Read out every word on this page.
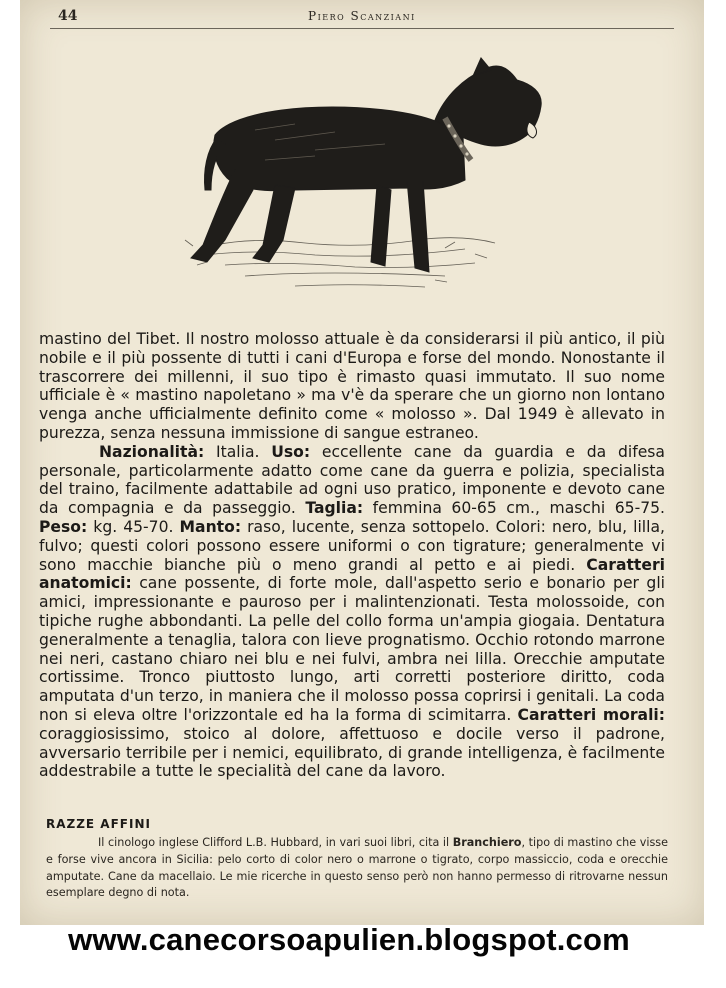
44	Piero Scanziani

mastino del Tibet. Il nostro molosso attuale è da considerarsi il più antico, il più nobile e il più possente di tutti i cani d'Europa e forse del mondo. Nonostante il trascorrere dei millenni, il suo tipo è rimasto quasi immutato. Il suo nome ufficiale è « mastino napoletano » ma v'è da sperare che un giorno non lontano venga anche ufficialmente definito come « molosso ». Dal 1949 è allevato in purezza, senza nessuna immissione di sangue estraneo.

Nazionalità: Italia. Uso: eccellente cane da guardia e da difesa personale, particolarmente adatto come cane da guerra e polizia, specialista del traino, facilmente adattabile ad ogni uso pratico, imponente e devoto cane da compagnia e da passeggio. Taglia: femmina 60-65 cm., maschi 65-75. Peso: kg. 45-70. Manto: raso, lucente, senza sottopelo. Colori: nero, blu, lilla, fulvo; questi colori possono essere uniformi o con tigrature; generalmente vi sono macchie bianche più o meno grandi al petto e ai piedi. Caratteri anatomici: cane possente, di forte mole, dall'aspetto serio e bonario per gli amici, impressionante e pauroso per i malintenzionati. Testa molossoide, con tipiche rughe abbondanti. La pelle del collo forma un'ampia giogaia. Dentatura generalmente a tenaglia, talora con lieve prognatismo. Occhio rotondo marrone nei neri, castano chiaro nei blu e nei fulvi, ambra nei lilla. Orecchie amputate cortissime. Tronco piuttosto lungo, arti corretti posteriore diritto, coda amputata d'un terzo, in maniera che il molosso possa coprirsi i genitali. La coda non si eleva oltre l'orizzontale ed ha la forma di scimitarra. Caratteri morali: coraggiosissimo, stoico al dolore, affettuoso e docile verso il padrone, avversario terribile per i nemici, equilibrato, di grande intelligenza, è facilmente addestrabile a tutte le specialità del cane da lavoro.

RAZZE AFFINI
Il cinologo inglese Clifford L.B. Hubbard, in vari suoi libri, cita il Branchiero, tipo di mastino che visse e forse vive ancora in Sicilia: pelo corto di color nero o marrone o tigrato, corpo massiccio, coda e orecchie amputate. Cane da macellaio. Le mie ricerche in questo senso però non hanno permesso di ritrovarne nessun esemplare degno di nota.
www.canecorsoapulien.blogspot.com
